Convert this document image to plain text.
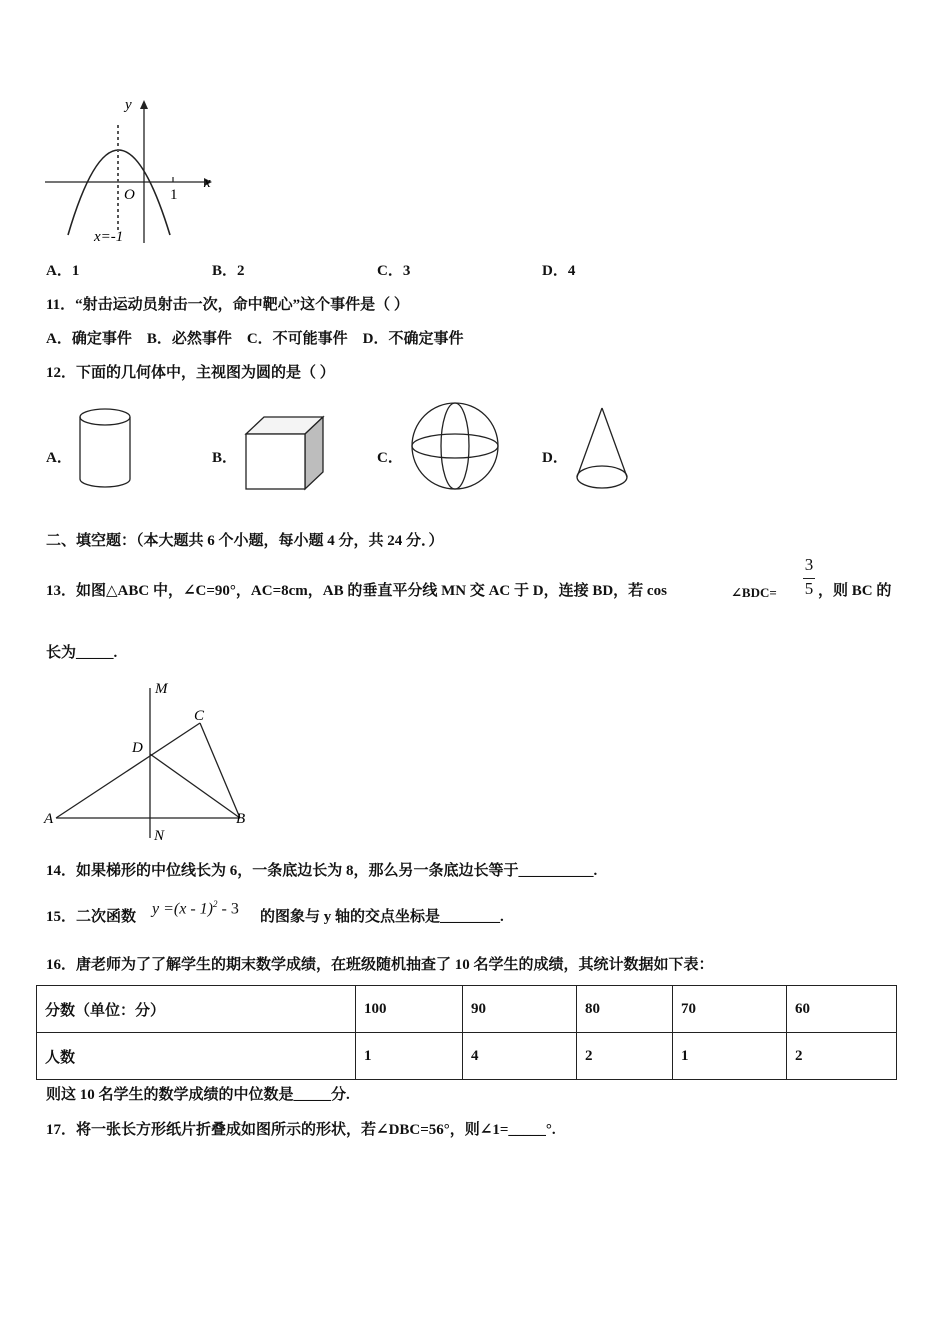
y
x
O 1
x=-1
A．1	B．2	C．3	D．4
11．“射击运动员射击一次，命中靶心”这个事件是（ ）
A．确定事件　B．必然事件　C．不可能事件　D．不确定事件
12．下面的几何体中，主视图为圆的是（ ）
A．	B．	C．	D．
二、填空题：（本大题共 6 个小题，每小题 4 分，共 24 分．）
13．如图△ABC 中，∠C=90°，AC=8cm，AB 的垂直平分线 MN 交 AC 于 D，连接 BD，若 cos	∠BDC=
3
5 ，则 BC 的
长为_____.
M
C
D
A	B
N
14．如果梯形的中位线长为 6，一条底边长为 8，那么另一条底边长等于__________.
15．二次函数 y =(x - 1)$^2$ - 3 的图象与 y 轴的交点坐标是________.
16．唐老师为了了解学生的期末数学成绩，在班级随机抽查了 10 名学生的成绩，其统计数据如下表：
分数（单位：分）	100	90	80	70	60
人数	1	4	2	1	2
则这 10 名学生的数学成绩的中位数是_____分.
17．将一张长方形纸片折叠成如图所示的形状，若∠DBC=56°，则∠1=_____°.
